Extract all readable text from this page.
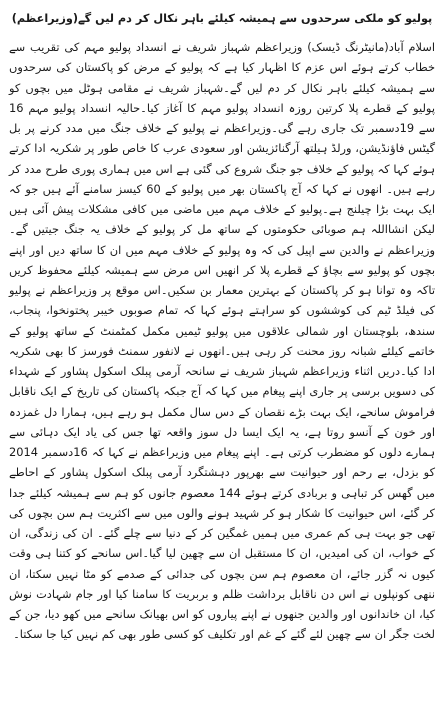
پولیو کو ملکی سرحدوں سے ہمیشہ کیلئے باہر نکال کر دم لیں گے(وزیراعظم)

اسلام آباد(مانیٹرنگ ڈیسک) وزیراعظم شہباز شریف نے انسداد پولیو مہم کی تقریب سے خطاب کرتے ہوئے اس عزم کا اظہار کیا ہے کہ پولیو کے مرض کو پاکستان کی سرحدوں سے ہمیشہ کیلئے باہر نکال کر دم لیں گے۔شہباز شریف نے مقامی ہوٹل میں بچوں کو پولیو کے قطرے پلا کرتین روزہ انسداد پولیو مہم کا آغاز کیا۔حالیہ انسداد پولیو مہم 16 سے 19دسمبر تک جاری رہے گی۔وزیراعظم نے پولیو کے خلاف جنگ میں مدد کرنے پر بل گیٹس فاؤنڈیشن، ورلڈ ہیلتھ آرگنائزیشن اور سعودی عرب کا خاص طور پر شکریہ ادا کرتے ہوئے کہا کہ پولیو کے خلاف جو جنگ شروع کی گئی ہے اس میں ہماری پوری طرح مدد کر رہے ہیں۔ انھوں نے کہا کہ آج پاکستان بھر میں پولیو کے 60 کیسز سامنے آئے ہیں جو کہ ایک بہت بڑا چیلنج ہے۔پولیو کے خلاف مہم میں ماضی میں کافی مشکلات پیش آئی ہیں لیکن انشااللہ ہم صوبائی حکومتوں کے ساتھ مل کر پولیو کے خلاف یہ جنگ جیتیں گے۔وزیراعظم نے والدین سے اپیل کی کہ وہ پولیو کے خلاف مہم میں ان کا ساتھ دیں اور اپنے بچوں کو پولیو سے بچاؤ کے قطرے پلا کر انھیں اس مرض سے ہمیشہ کیلئے محفوظ کریں تاکہ وہ توانا ہو کر پاکستان کے بہترین معمار بن سکیں۔اس موقع پر وزیراعظم نے پولیو کی فیلڈ ٹیم کی کوششوں کو سراہتے ہوئے کہا کہ تمام صوبوں خیبر پختونخوا، پنجاب، سندھ، بلوچستان اور شمالی علاقوں میں پولیو ٹیمیں مکمل کمٹمنٹ کے ساتھ پولیو کے خاتمے کیلئے شبانہ روز محنت کر رہی ہیں۔انھوں نے لانفور سمنٹ فورسز کا بھی شکریہ ادا کیا۔دریں اثناء وزیراعظم شہباز شریف نے سانحہ آرمی پبلک اسکول پشاور کے شہداء کی دسویں برسی پر جاری اپنے پیغام میں کہا کہ آج جبکہ پاکستان کی تاریخ کے ایک ناقابل فراموش سانحے، ایک بہت بڑے نقصان کے دس سال مکمل ہو رہے ہیں، ہمارا دل غمزدہ اور خون کے آنسو روتا ہے، یہ ایک ایسا دل سوز واقعہ تھا جس کی یاد ایک دہائی سے ہمارے دلوں کو مضطرب کرتی ہے۔ اپنے پیغام میں وزیراعظم نے کہا کہ 16دسمبر 2014 کو بزدل، بے رحم اور حیوانیت سے بھرپور دہشتگرد آرمی پبلک اسکول پشاور کے احاطے میں گھس کر تباہی و بربادی کرتے ہوئے 144 معصوم جانوں کو ہم سے ہمیشہ کیلئے جدا کر گئے، اس حیوانیت کا شکار ہو کر شہید ہونے والوں میں سے اکثریت ہم سن بچوں کی تھی جو بہت ہی کم عمری میں ہمیں غمگین کر کے دنیا سے چلے گئے۔ ان کی زندگی، ان کے خواب، ان کی امیدیں، ان کا مستقبل ان سے چھین لیا گیا۔اس سانحے کو کتنا ہی وقت کیوں نہ گزر جائے، ان معصوم ہم سن بچوں کی جدائی کے صدمے کو مٹا نہیں سکتا، ان ننھی کونپلوں نے اس دن ناقابل برداشت ظلم و بربریت کا سامنا کیا اور جام شہادت نوش کیا، ان خاندانوں اور والدین جنھوں نے اپنے پیاروں کو اس بھیانک سانحے میں کھو دیا، جن کے لخت جگر ان سے چھین لئے گئے کے غم اور تکلیف کو کسی طور بھی کم نہیں کیا جا سکتا۔
